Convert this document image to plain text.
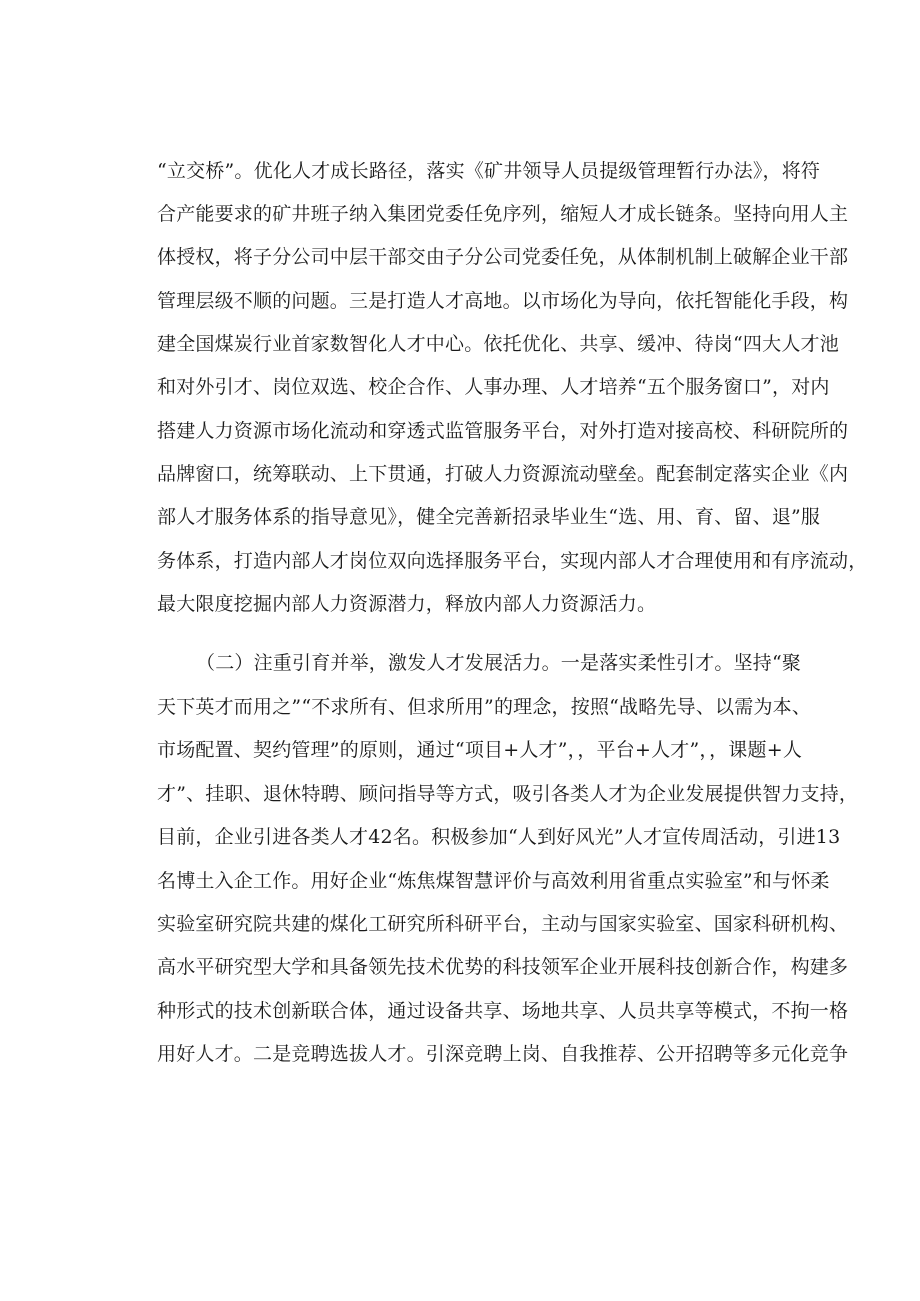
“立交桥”。优化人才成长路径，落实《矿井领导人员提级管理暂行办法》，将符
合产能要求的矿井班子纳入集团党委任免序列，缩短人才成长链条。坚持向用人主
体授权，将子分公司中层干部交由子分公司党委任免，从体制机制上破解企业干部
管理层级不顺的问题。三是打造人才高地。以市场化为导向，依托智能化手段，构
建全国煤炭行业首家数智化人才中心。依托优化、共享、缓冲、待岗“四大人才池
和对外引才、岗位双选、校企合作、人事办理、人才培养“五个服务窗口”，对内
搭建人力资源市场化流动和穿透式监管服务平台，对外打造对接高校、科研院所的
品牌窗口，统筹联动、上下贯通，打破人力资源流动壁垒。配套制定落实企业《内
部人才服务体系的指导意见》，健全完善新招录毕业生“选、用、育、留、退”服
务体系，打造内部人才岗位双向选择服务平台，实现内部人才合理使用和有序流动，
最大限度挖掘内部人力资源潜力，释放内部人力资源活力。
（二）注重引育并举，激发人才发展活力。一是落实柔性引才。坚持“聚
天下英才而用之”“不求所有、但求所用”的理念，按照“战略先导、以需为本、
市场配置、契约管理”的原则，通过“项目+人才”，，平台+人才”，，课题+人
才”、挂职、退休特聘、顾问指导等方式，吸引各类人才为企业发展提供智力支持，
目前，企业引进各类人才42名。积极参加“人到好风光”人才宣传周活动，引进13
名博土入企工作。用好企业“炼焦煤智慧评价与高效利用省重点实验室”和与怀柔
实验室研究院共建的煤化工研究所科研平台，主动与国家实验室、国家科研机构、
高水平研究型大学和具备领先技术优势的科技领军企业开展科技创新合作，构建多
种形式的技术创新联合体，通过设备共享、场地共享、人员共享等模式，不拘一格
用好人才。二是竞聘选拔人才。引深竞聘上岗、自我推荐、公开招聘等多元化竞争
